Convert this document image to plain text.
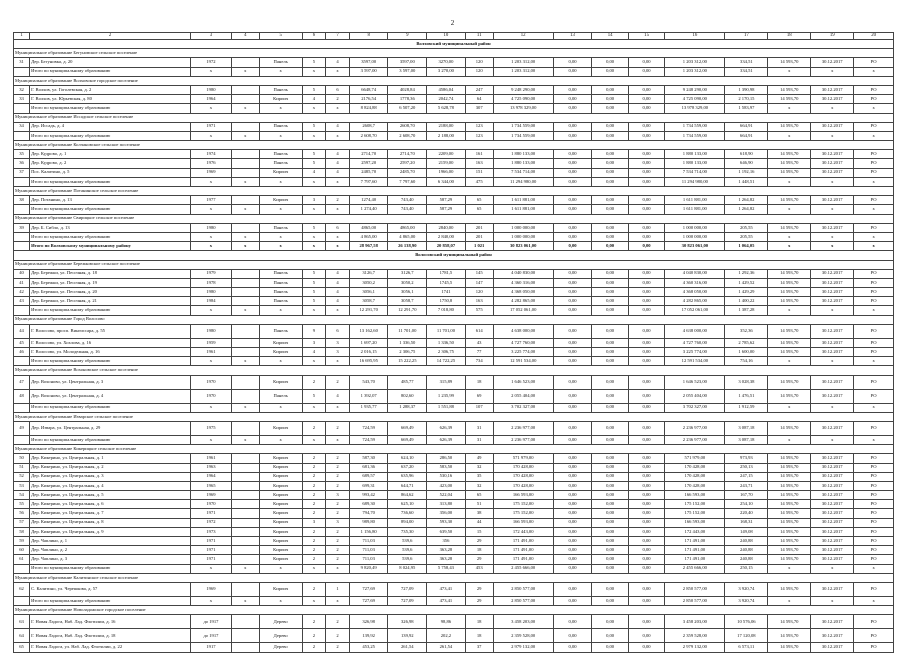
2
1	2	3	4	5	6	7	8	9	10	11	12	13	14	15	16	17	18	19	20
Волховский муниципальный район																			
Муниципальное образование Бегуновское сельское поселение																			
31	Дер. Бегуновка, д. 20	1972		Панель	5	4	3597,00	3597,00	3270,00	120	1 203 312,00	0,00	0,00	0,00	1 203 312,00	334,51	14 593,70	30.12.2017	РО
	Итого по муниципальному образованию	х	х	х	х	х	3 597,00	3 597,00	3 270,00	120	1 203 312,00	0,00	0,00	0,00	1 203 312,00	334,51	х	х	х
Муниципальное образование Волховское городское поселение																			
32	Г. Волхов, ул. Гоголевская, д. 2	1980		Панель	5	6	6648,74	4028,84	4586,04	247	9 248 290,00	0,00	0,00	0,00	9 248 290,00	1 390,98	14 593,70	30.12.2017	РО
33	Г. Волхов, ул. Юрьевская, д. 80	1964		Кирпич	4	2	2176,54	1778,36	2042,74	64	4 725 090,00	0,00	0,00	0,00	4 725 090,00	2 170,15	14 593,70	30.12.2017	РО
	Итого по муниципальному образованию	х	х	х	х	х	8 824,88	6 507,20	5 628,78	307	13 978 329,00	0,00	0,00	0,00	13 978 329,00	1 583,97	х	х	х
Муниципальное образование Иссадское сельское поселение																			
34	Дер. Иссадь, д. 4	1971		Панель	5	4	2608,7	2608,70	2188,00	123	1 734 559,00	0,00	0,00	0,00	1 734 559,00	664,91	14 593,70	30.12.2017	РО
	Итого по муниципальному образованию	х	х	х	х	х	2 608,70	2 608,70	2 188,00	123	1 734 559,00	0,00	0,00	0,00	1 734 559,00	664,91	х	х	х
Муниципальное образование Колчановское сельское поселение																			
35	Дер. Кудрово, д. 1	1974		Панель	5	4	2714,70	2714,70	2209,00	161	1 880 133,00	0,00	0,00	0,00	1 880 133,00	618,90	14 593,70	30.12.2017	РО
36	Дер. Кудрово, д. 2	1976		Панель	5	4	2597,20	2597,20	2159,00	163	1 880 133,00	0,00	0,00	0,00	1 880 133,00	646,90	14 593,70	30.12.2017	РО
37	Пос. Калитино, д. 5	1969		Кирпич	4	4	2485,70	2485,70	1966,00	151	7 534 714,00	0,00	0,00	0,00	7 534 714,00	1 192,16	14 593,70	30.12.2017	РО
	Итого по муниципальному образованию	х	х	х	х	х	7 797,60	7 797,60	6 344,00	475	11 294 980,00	0,00	0,00	0,00	11 294 980,00	1 448,51	х	х	х
Муниципальное образование Потанинское сельское поселение																			
38	Дер. Потанино, д. 13	1977		Кирпич	3	2	1274,40	743,40	587,29	65	1 611 881,00	0,00	0,00	0,00	1 611 881,00	1 264,82	14 593,70	30.12.2017	РО
	Итого по муниципальному образованию	х	х	х	х	х	1 274,40	743,40	587,29	65	1 611 881,00	0,00	0,00	0,00	1 611 881,00	1 264,82	х	х	х
Муниципальное образование Свирицкое сельское поселение																			
39	Дер. Б. Сибло, д. 13	1980		Панель	5	6	4865,00	4865,00	2840,00	201	1 000 000,00	0,00	0,00	0,00	1 000 000,00	205,55	14 593,70	30.12.2017	РО
	Итого по муниципальному образованию	х	х	х	х	х	4 865,00	4 865,00	2 840,00	201	1 000 000,00	0,00	0,00	0,00	1 000 000,00	205,55	х	х	х
	Итого по Волховскому муниципальному району	х	х	х	х	х	28 967,58	26 138,90	20 858,07	1 021	30 823 061,00	0,00	0,00	0,00	30 823 061,00	1 064,05	х	х	х
Волосовский муниципальный район																			
Муниципальное образование Бережковское сельское поселение																			
40	Дер. Бережки, ул. Песочная, д. 18	1979		Панель	5	4	3126,7	3126,7	1781,5	145	4 040 830,00	0,00	0,00	0,00	4 040 830,00	1 292,36	14 593,70	30.12.2017	РО
41	Дер. Бережки, ул. Песочная, д. 19	1978		Панель	5	4	3050,2	3050,2	1745,5	147	4 360 316,00	0,00	0,00	0,00	4 360 316,00	1 429,52	14 593,70	30.12.2017	РО
42	Дер. Бережки, ул. Песочная, д. 20	1980		Панель	5	4	3056,1	3056,1	1741	120	4 368 050,00	0,00	0,00	0,00	4 368 050,00	1 429,29	14 593,70	30.12.2017	РО
43	Дер. Бережки, ул. Песочная, д. 21	1984		Панель	5	4	3058,7	3058,7	1750,8	163	4 282 865,00	0,00	0,00	0,00	4 282 865,00	1 400,22	14 593,70	30.12.2017	РО
	Итого по муниципальному образованию	х	х	х	х	х	12 291,70	12 291,70	7 018,80	575	17 052 061,00	0,00	0,00	0,00	17 052 061,00	1 387,28	х	х	х
Муниципальное образование Город Волосово																			
44	Г. Волосово, просп. Вингиссара, д. 55	1980		Панель	9	6	13 162,60	11 701,00	11 701,00	614	4 638 000,00	0,00	0,00	0,00	4 638 000,00	352,36	14 593,70	30.12.2017	РО
45	Г. Волосово, ул. Хохлова, д. 16	1959		Кирпич	3	3	1 697,20	1 336,50	1 336,50	43	4 727 760,00	0,00	0,00	0,00	4 727 760,00	2 785,62	14 593,70	30.12.2017	РО
46	Г. Волосово, ул. Молодежная, д. 16	1961		Кирпич	4	3	2 016,15	2 306,75	2 306,75	77	3 225 774,00	0,00	0,00	0,00	3 225 774,00	1 600,00	14 593,70	30.12.2017	РО
	Итого по муниципальному образованию	х	х	х	х	х	16 695,95	15 222,25	14 722,25	734	12 591 534,00	0,00	0,00	0,00	12 591 534,00	754,16	х	х	х
Муниципальное образование Вохоновское сельское поселение																			
47	Дер. Вохоново, ул. Центральная, д. 3	1970		Кирпич	2	2	543,70	485,77	315,89	18	1 646 523,00	0,00	0,00	0,00	1 646 523,00	3 028,38	14 593,70	30.12.2017	РО
48	Дер. Вохоново, ул. Центральная, д. 4	1970		Панель	5	4	1 392,07	802,60	1 235,99	69	2 055 404,00	0,00	0,00	0,00	2 055 404,00	1 476,51	14 593,70	30.12.2017	РО
	Итого по муниципальному образованию	х	х	х	х	х	1 935,77	1 288,37	1 551,88	107	3 702 327,00	0,00	0,00	0,00	3 702 327,00	1 912,59	х	х	х
Муниципальное образование Изварское сельское поселение																			
49	Дер. Извара, ул. Центральная, д. 29	1975		Кирпич	2	2	724,59	669,49	626,39	31	2 236 977,00	0,00	0,00	0,00	2 236 977,00	3 087,18	14 593,70	30.12.2017	РО
	Итого по муниципальному образованию	х	х	х	х	х	724,59	669,49	626,39	31	2 236 977,00	0,00	0,00	0,00	2 236 977,00	3 087,18	х	х	х
Муниципальное образование Кикерицкое сельское поселение																			
50	Дер. Кикерино, ул. Центральная, д. 1	1961		Кирпич	2	2	587,30	624,10	286,50	49	571 979,00	0,00	0,00	0,00	571 979,00	973,93	14 593,70	30.12.2017	РО
51	Дер. Кикерино, ул. Центральная, д. 2	1963		Кирпич	2	2	681,36	637,20	583,50	32	170 428,00	0,00	0,00	0,00	170 428,00	250,13	14 593,70	30.12.2017	РО
52	Дер. Кикерино, ул. Центральная, д. 3	1964		Кирпич	2	2	689,57	635,96	530,16	35	170 428,00	0,00	0,00	0,00	170 428,00	247,15	14 593,70	30.12.2017	РО
53	Дер. Кикерино, ул. Центральная, д. 4	1965		Кирпич	2	2	699,31	644,71	423,00	32	170 428,00	0,00	0,00	0,00	170 428,00	243,71	14 593,70	30.12.2017	РО
54	Дер. Кикерино, ул. Центральная, д. 5	1969		Кирпич	2	3	993,42	864,62	522,04	65	166 593,00	0,00	0,00	0,00	166 593,00	167,70	14 593,70	30.12.2017	РО
55	Дер. Кикерино, ул. Центральная, д. 6	1970		Кирпич	2	2	689,30	625,10	313,80	51	175 152,00	0,00	0,00	0,00	175 152,00	254,10	14 593,70	30.12.2017	РО
56	Дер. Кикерино, ул. Центральная, д. 7	1971		Кирпич	2	2	794,70	736,60	356,00	38	175 152,00	0,00	0,00	0,00	175 152,00	220,40	14 593,70	30.12.2017	РО
57	Дер. Кикерино, ул. Центральная, д. 8	1972		Кирпич	3	3	989,80	894,00	593,30	44	166 593,00	0,00	0,00	0,00	166 593,00	168,31	14 593,70	30.12.2017	РО
58	Дер. Кикерино, ул. Центральная, д. 9	1973		Кирпич	2	2	1 156,80	735,30	639,50	15	172 443,00	0,00	0,00	0,00	172 443,00	149,08	14 593,70	30.12.2017	РО
59	Дер. Чаплино, д. 1	1971		Кирпич	2	2	711,03	539,6	356	29	171 491,00	0,00	0,00	0,00	171 491,00	240,88	14 593,70	30.12.2017	РО
60	Дер. Чаплино, д. 2	1971		Кирпич	2	2	711,03	539,6	363,28	18	171 491,00	0,00	0,00	0,00	171 491,00	240,88	14 593,70	30.12.2017	РО
61	Дер. Чаплино, д. 3	1971		Кирпич	2	2	711,03	539,6	363,28	29	171 491,00	0,00	0,00	0,00	171 491,00	240,88	14 593,70	30.12.2017	РО
	Итого по муниципальному образованию	х	х	х	х	х	9 820,49	8 024,95	5 758,43	453	2 455 666,00	0,00	0,00	0,00	2 455 666,00	250,15	х	х	х
Муниципальное образование Калитинское сельское поселение																			
62	С. Калитино, ул. Черешкова, д. 57	1969		Кирпич	2	1	727,69	727,09	473,41	29	2 850 577,00	0,00	0,00	0,00	2 850 577,00	3 920,74	14 593,70	30.12.2017	РО
	Итого по муниципальному образованию	х	х	х	х	х	727,69	727,09	473,41	29	2 850 577,00	0,00	0,00	0,00	2 850 577,00	3 920,74	х	х	х
Муниципальное образование Новоладожское городское поселение																			
63	Г. Новая Ладога, Наб. Лад. Флотилии, д. 16	до 1917		Дерево	2	2	326,98	326,98	98,86	18	3 458 203,00	0,00	0,00	0,00	3 458 203,00	10 576,06	14 593,70	30.12.2017	РО
64	Г. Новая Ладога, Наб. Лад. Флотилии, д. 18	до 1917		Дерево	2	2	139,92	139,92	202,2	18	2 359 528,00	0,00	0,00	0,00	2 359 528,00	17 120,08	14 593,70	30.12.2017	РО
65	Г. Новая Ладога, ул. Наб. Лад. Флотилии, д. 22	1917		Дерево	2	2	453,25	261,54	261,54	37	2 979 132,00	0,00	0,00	0,00	2 979 132,00	6 573,11	14 593,70	30.12.2017	РО
